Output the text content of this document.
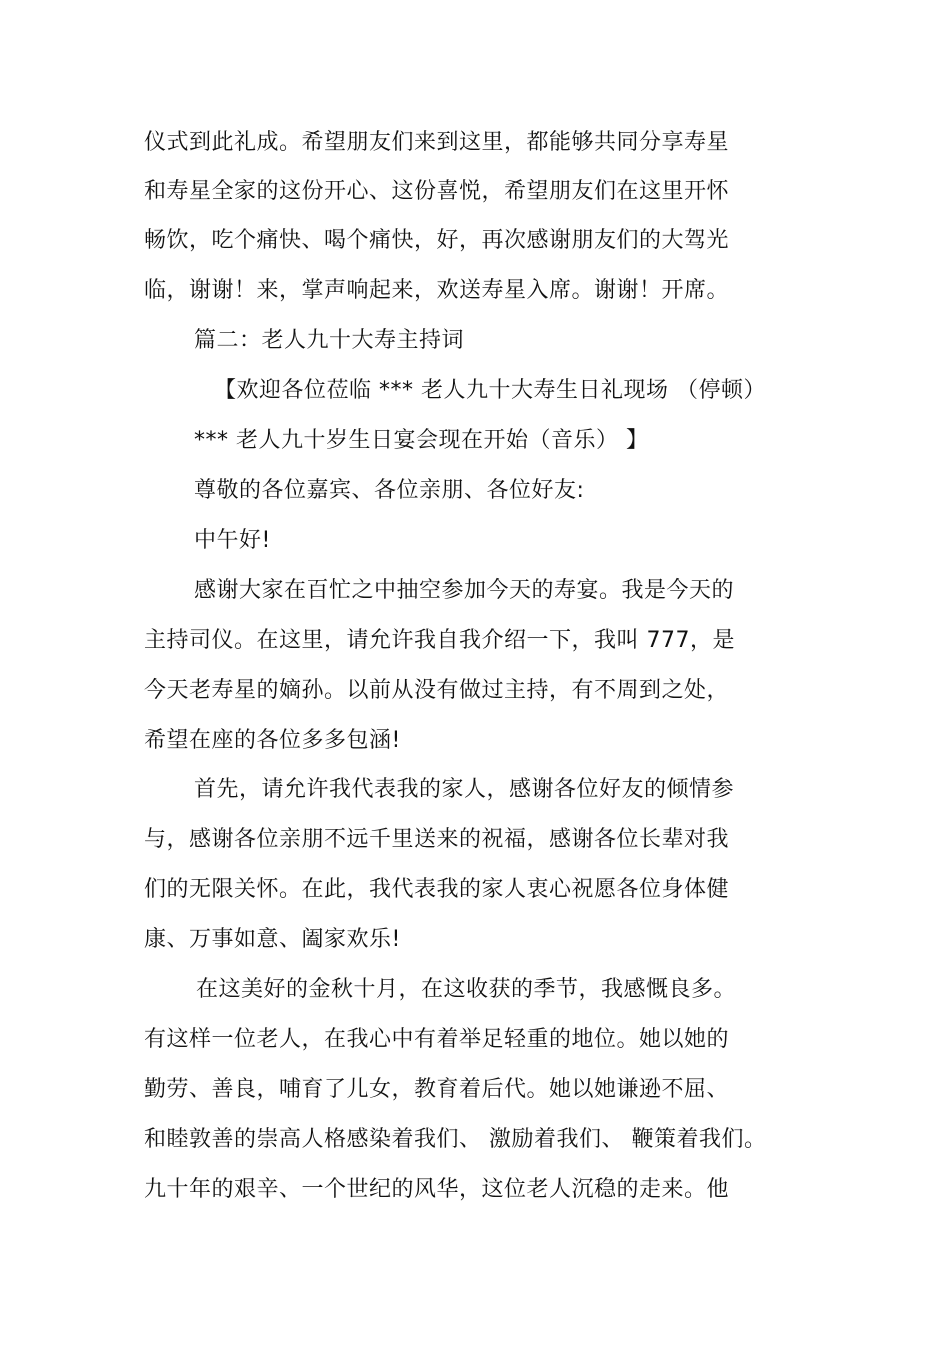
仪式到此礼成。希望朋友们来到这里，都能够共同分享寿星
和寿星全家的这份开心、这份喜悦，希望朋友们在这里开怀
畅饮，吃个痛快、喝个痛快，好，再次感谢朋友们的大驾光
临，谢谢！来，掌声响起来，欢送寿星入席。谢谢！开席。
篇二：老人九十大寿主持词
【欢迎各位莅临 *** 老人九十大寿生日礼现场 （停顿）
*** 老人九十岁生日宴会现在开始（音乐） 】
尊敬的各位嘉宾、各位亲朋、各位好友:
中午好!
感谢大家在百忙之中抽空参加今天的寿宴。我是今天的
主持司仪。在这里，请允许我自我介绍一下，我叫 777，是
今天老寿星的嫡孙。以前从没有做过主持，有不周到之处，
希望在座的各位多多包涵!
首先，请允许我代表我的家人，感谢各位好友的倾情参
与，感谢各位亲朋不远千里送来的祝福，感谢各位长辈对我
们的无限关怀。在此，我代表我的家人衷心祝愿各位身体健
康、万事如意、阖家欢乐!
在这美好的金秋十月，在这收获的季节，我感慨良多。
有这样一位老人，在我心中有着举足轻重的地位。她以她的
勤劳、善良，哺育了儿女，教育着后代。她以她谦逊不屈、
和睦敦善的崇高人格感染着我们、 激励着我们、 鞭策着我们。
九十年的艰辛、一个世纪的风华，这位老人沉稳的走来。他
